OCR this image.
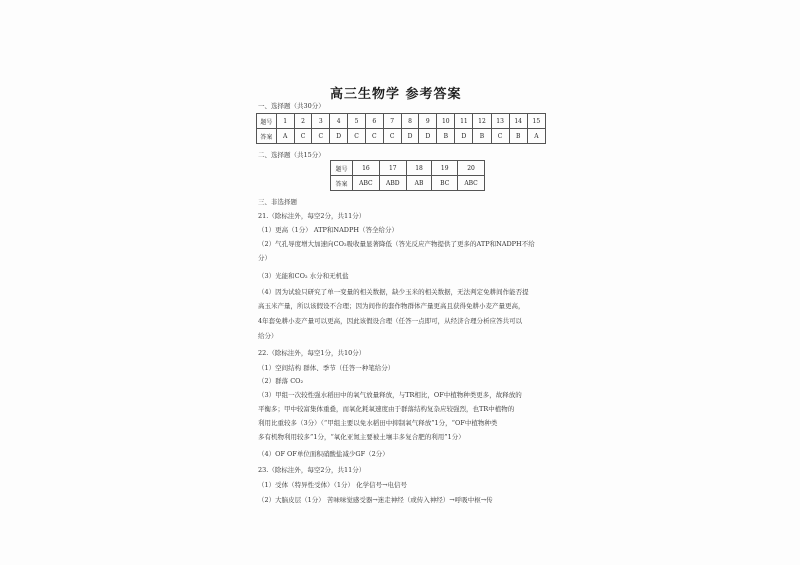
高三生物学 参考答案
一、选择题（共30分）
题号	1	2	3	4	5	6	7	8	9	10	11	12	13	14	15
答案	A	C	C	D	C	C	C	D	D	B	D	B	C	B	A
二、选择题（共15分）
题号	16	17	18	19	20
答案	ABC	ABD	AB	BC	ABC
三、非选择题
21.（除标注外，每空2分，共11分）
（1）更高（1分） ATP和NADPH（答全给分）
（2）气孔导度增大加速向CO₂吸收量显著降低（答光反应产物提供了更多的ATP和NADPH不给
分）
（3）光能和CO₂ 水分和无机盐
（4）因为试验只研究了单一变量的相关数据，缺少玉米的相关数据，无法判定免耕间作能否提
高玉米产量，所以该假设不合理；因为间作的套作物群体产量更高且获得免耕小麦产量更高，
4年套免耕小麦产量可以更高，因此该假设合理（任答一点即可，从经济合理分析应答共可以
给分）
22.（除标注外，每空1分，共10分）
（1）空间结构 群体、季节（任答一种笔给分）
（2）群落 CO₂
（3）甲组一次较性强水稻田中的氧气放量释放，与TR相比，OF中植物种类更多，故释放的
平衡多；甲中较富集体重叠，而氧化耗氧速度由于群落结构复杂应较强烈，也TR中植物的
利用比重较多（3分）（“甲组主要以免水稻田中抑制氧气释放”1分，“OF中植物种类
多有机物利用较多”1分，“氧化亚氮主要被土壤丰多复合肥的利用”1分）
（4）OF OF单位面积硝酸盐减少GF（2分）
23.（除标注外，每空2分，共11分）
（1）受体（特异性受体）（1分） 化学信号→电信号
（2）大脑皮层（1分） 苦味味觉感受器→迷走神经（或传入神经）→呼吸中枢→传
